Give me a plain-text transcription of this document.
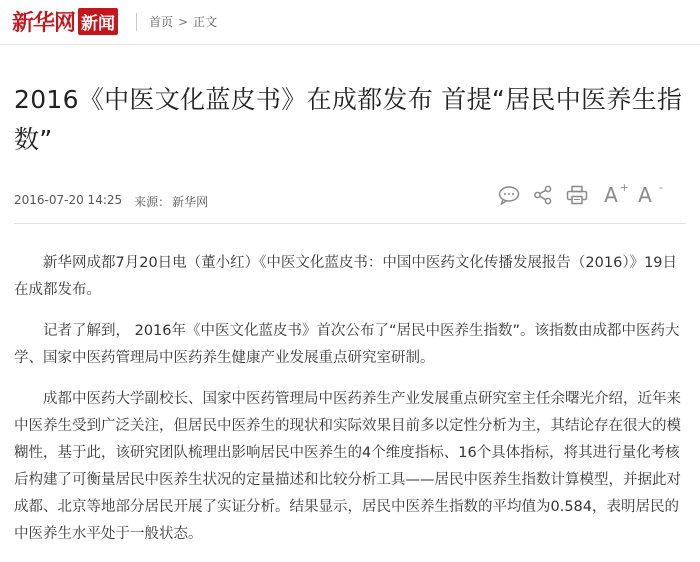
新华网 新闻	首页 > 正文
2016《中医文化蓝皮书》在成都发布 首提“居民中医养生指数”
2016-07-20 14:25 来源： 新华网	A+ A -

新华网成都7月20日电（董小红）《中医文化蓝皮书：中国中医药文化传播发展报告（2016）》19日在成都发布。

记者了解到， 2016年《中医文化蓝皮书》首次公布了“居民中医养生指数”。该指数由成都中医药大学、国家中医药管理局中医药养生健康产业发展重点研究室研制。

成都中医药大学副校长、国家中医药管理局中医药养生产业发展重点研究室主任余曙光介绍，近年来中医养生受到广泛关注，但居民中医养生的现状和实际效果目前多以定性分析为主，其结论存在很大的模糊性，基于此，该研究团队梳理出影响居民中医养生的4个维度指标、16个具体指标，将其进行量化考核后构建了可衡量居民中医养生状况的定量描述和比较分析工具——居民中医养生指数计算模型，并据此对成都、北京等地部分居民开展了实证分析。结果显示，居民中医养生指数的平均值为0.584，表明居民的中医养生水平处于一般状态。
